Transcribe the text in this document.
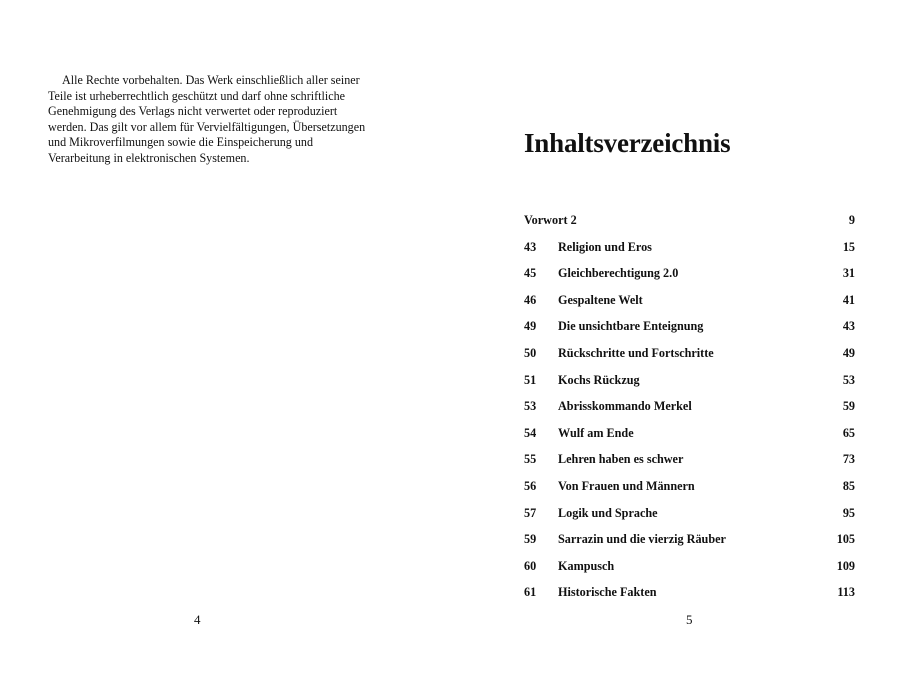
Alle Rechte vorbehalten. Das Werk einschließlich aller seiner Teile ist urheberrechtlich geschützt und darf ohne schriftliche Genehmigung des Verlags nicht verwertet oder reproduziert werden. Das gilt vor allem für Vervielfältigungen, Übersetzungen und Mikroverfilmungen sowie die Einspeicherung und Verarbeitung in elektronischen Systemen.

4
Inhaltsverzeichnis
Vorwort 2	9
43 Religion und Eros	15
45 Gleichberechtigung 2.0	31
46 Gespaltene Welt	41
49 Die unsichtbare Enteignung	43
50 Rückschritte und Fortschritte	49
51 Kochs Rückzug	53
53 Abrisskommando Merkel	59
54 Wulf am Ende	65
55 Lehren haben es schwer	73
56 Von Frauen und Männern	85
57 Logik und Sprache	95
59 Sarrazin und die vierzig Räuber	105
60 Kampusch	109
61 Historische Fakten	113
5
